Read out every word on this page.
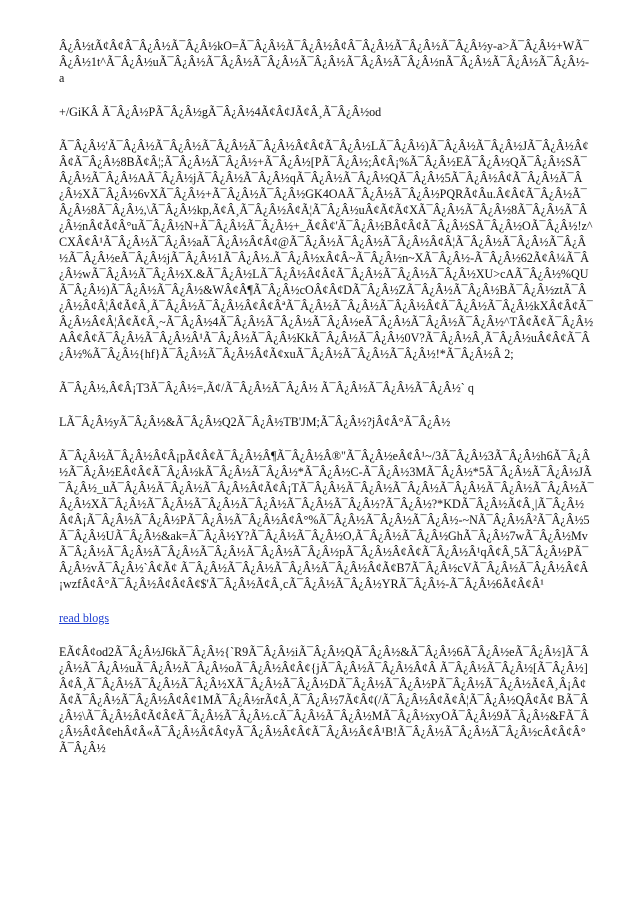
Â¿Â½tÃ¢Â¢Â¯Â¿Â½Ã¯Â¿Â½kO=Ã¯Â¿Â½Ã¯Â¿Â½Â¢Â¯Â¿Â½Ã¯Â¿Â½Ã¯Â¿Â½y-a>Ã¯Â¿Â½+WÃ¯Â¿Â½1t^Ã¯Â¿Â½uÃ¯Â¿Â½Ã¯Â¿Â½Ã¯Â¿Â½Ã¯Â¿Â½Ã¯Â¿Â½Ã¯Â¿Â½nÃ¯Â¿Â½Ã¯Â¿Â½Ã¯Â¿Â½-a

+/GiKÂ Ã¯Â¿Â½PÃ¯Â¿Â½gÃ¯Â¿Â½4Ã¢Â¢JÃ¢Â¸Ã¯Â¿Â½od

Ã¯Â¿Â½'Ã¯Â¿Â½Ã¯Â¿Â½Ã¯Â¿Â½Ã¯Â¿Â½Â¢Â¢Ã¯Â¿Â½LÃ¯Â¿Â½)Ã¯Â¿Â½Ã¯Â¿Â½JÃ¯Â¿Â½Â¢Â¢Ã¯Â¿Â½8BÃ¢Â¦;Ã¯Â¿Â½Ã¯Â¿Â½+Ã¯Â¿Â½[PÃ¯Â¿Â½;Â¢Â¡%Ã¯Â¿Â½EÃ¯Â¿Â½QÃ¯Â¿Â½SÃ¯Â¿Â½Ã¯Â¿Â½AÃ¯Â¿Â½jÃ¯Â¿Â½Ã¯Â¿Â½qÃ¯Â¿Â½Ã¯Â¿Â½QÃ¯Â¿Â½5Ã¯Â¿Â½Â¢Ã¯Â¿Â½Ã¯Â¿Â½XÃ¯Â¿Â½6vXÃ¯Â¿Â½+Ã¯Â¿Â½Ã¯Â¿Â½GK4OAÃ¯Â¿Â½Ã¯Â¿Â½PQRÃ¢Âu.Â¢Â¢Ã¯Â¿Â½Ã¯Â¿Â½8Ã¯Â¿Â½,\Ã¯Â¿Â½kp,Ã¢Â¸Ã¯Â¿Â½Â¢Ã¦Ã¯Â¿Â½uÂ¢Ã¢Ã¢XÃ¯Â¿Â½Ã¯Â¿Â½8Ã¯Â¿Â½Ã¯Â¿Â½nÂ¢Ã¢Â°uÃ¯Â¿Â½N+Ã¯Â¿Â½Ã¯Â¿Â½+_Ã¢Â¢'Ã¯Â¿Â½BÂ¢Â¢Ã¯Â¿Â½SÃ¯Â¿Â½OÃ¯Â¿Â½!z^CXÂ¢Â¹Ã¯Â¿Â½Ã¯Â¿Â½aÃ¯Â¿Â½Â¢Â¢@Ã¯Â¿Â½Ã¯Â¿Â½Ã¯Â¿Â½Â¢Â¦Ã¯Â¿Â½Ã¯Â¿Â½Ã¯Â¿Â½Ã¯Â¿Â½eÃ¯Â¿Â½jÃ¯Â¿Â½1Ã¯Â¿Â½.Ã¯Â¿Â½xÂ¢Â~Ã¯Â¿Â½n~XÃ¯Â¿Â½-Ã¯Â¿Â½62Ã¢Â¼Ã¯Â¿Â½wÃ¯Â¿Â½Ã¯Â¿Â½X.&Ã¯Â¿Â½LÃ¯Â¿Â½Â¢Â¢Ã¯Â¿Â½Ã¯Â¿Â½Ã¯Â¿Â½XU>cAÃ¯Â¿Â½%QUÃ¯Â¿Â½)Ã¯Â¿Â½Ã¯Â¿Â½&WÂ¢Â¶Ã¯Â¿Â½cOÂ¢Â¢DÃ¯Â¿Â½ZÃ¯Â¿Â½Ã¯Â¿Â½BÃ¯Â¿Â½ztÃ¯Â¿Â½Â¢Â¦Â¢Ã¢Â¸Ã¯Â¿Â½Ã¯Â¿Â½Â¢Â¢ÂªÃ¯Â¿Â½Ã¯Â¿Â½Ã¯Â¿Â½Â¢Ã¯Â¿Â½Ã¯Â¿Â½kXÂ¢Â¢Ã¯Â¿Â½Â¢Â¦Â¢Ã¢Â¸~Ã¯Â¿Â½4Ã¯Â¿Â½Ã¯Â¿Â½Ã¯Â¿Â½eÃ¯Â¿Â½Ã¯Â¿Â½Ã¯Â¿Â½^TÂ¢Ã¢Ã¯Â¿Â½AÂ¢Â¢Ã¯Â¿Â½Ã¯Â¿Â½Â¹Ã¯Â¿Â½Ã¯Â¿Â½KkÃ¯Â¿Â½Ã¯Â¿Â½0V?Ã¯Â¿Â½Â¸Ã¯Â¿Â½uÂ¢Â¢Ã¯Â¿Â½%Ã¯Â¿Â½{hf}Ã¯Â¿Â½Ã¯Â¿Â½Â¢Ã¢xuÃ¯Â¿Â½Ã¯Â¿Â½Ã¯Â¿Â½!*Ã¯Â¿Â½Â 2;

Ã¯Â¿Â½,Â¢Â¡T3Ã¯Â¿Â½=,Ã¢/Ã¯Â¿Â½Ã¯Â¿Â½ Ã¯Â¿Â½Ã¯Â¿Â½Ã¯Â¿Â½` q

LÃ¯Â¿Â½yÃ¯Â¿Â½&Ã¯Â¿Â½Q2Ã¯Â¿Â½TB'JM;Ã¯Â¿Â½?jÂ¢Â°Ã¯Â¿Â½

Ã¯Â¿Â½Ã¯Â¿Â½Â¢Â¡pÃ¢Â¢Ã¯Â¿Â½Â¶Ã¯Â¿Â½Â®"Ã¯Â¿Â½eÂ¢Â¹~/3Ã¯Â¿Â½3Ã¯Â¿Â½h6Ã¯Â¿Â½Ã¯Â¿Â½EÂ¢Â¢Ã¯Â¿Â½kÃ¯Â¿Â½Ã¯Â¿Â½*Ã¯Â¿Â½C-Ã¯Â¿Â½3MÃ¯Â¿Â½*5Ã¯Â¿Â½Ã¯Â¿Â½JÃ¯Â¿Â½_uÃ¯Â¿Â½Ã¯Â¿Â½Ã¯Â¿Â½Â¢Ã¢Â¡TÃ¯Â¿Â½Ã¯Â¿Â½Ã¯Â¿Â½Ã¯Â¿Â½Ã¯Â¿Â½Ã¯Â¿Â½Ã¯Â¿Â½XÃ¯Â¿Â½Ã¯Â¿Â½Ã¯Â¿Â½Ã¯Â¿Â½Ã¯Â¿Â½Ã¯Â¿Â½?Ã¯Â¿Â½?*KDÃ¯Â¿Â½Ã¢Â¸|Ã¯Â¿Â½Â¢Â¡Ã¯Â¿Â½Ã¯Â¿Â½PÃ¯Â¿Â½Ã¯Â¿Â½Â¢Â°%Ã¯Â¿Â½Ã¯Â¿Â½Ã¯Â¿Â½-~NÃ¯Â¿Â½Â²Ã¯Â¿Â½5Ã¯Â¿Â½UÃ¯Â¿Â½&ak=Ã¯Â¿Â½Y?Ã¯Â¿Â½Ã¯Â¿Â½O,Ã¯Â¿Â½Ã¯Â¿Â½GhÃ¯Â¿Â½7wÃ¯Â¿Â½MvÃ¯Â¿Â½Ã¯Â¿Â½Ã¯Â¿Â½Ã¯Â¿Â½Ã¯Â¿Â½Ã¯Â¿Â½pÃ¯Â¿Â½Â¢Â¢Ã¯Â¿Â½Â¹qÂ¢Â¸5Ã¯Â¿Â½PÃ¯Â¿Â½vÃ¯Â¿Â½`Â¢Ã¢ Ã¯Â¿Â½Ã¯Â¿Â½Ã¯Â¿Â½Ã¯Â¿Â½Â¢Ã¢B7Ã¯Â¿Â½cVÃ¯Â¿Â½Ã¯Â¿Â½Â¢Â¡wzfÂ¢Â°Ã¯Â¿Â½Â¢Â¢Â¢$'Ã¯Â¿Â½Ã¢Â¸cÃ¯Â¿Â½Ã¯Â¿Â½YRÃ¯Â¿Â½-Ã¯Â¿Â½6Ã¢Â¢Â¹

read blogs

EÃ¢Â¢od2Ã¯Â¿Â½J6kÃ¯Â¿Â½{`R9Ã¯Â¿Â½iÃ¯Â¿Â½QÃ¯Â¿Â½&Ã¯Â¿Â½6Ã¯Â¿Â½eÃ¯Â¿Â½]Ã¯Â¿Â½Ã¯Â¿Â½uÃ¯Â¿Â½Ã¯Â¿Â½oÃ¯Â¿Â½Â¢Â¢{jÃ¯Â¿Â½Ã¯Â¿Â½Â¢Â Ã¯Â¿Â½Ã¯Â¿Â½[Ã¯Â¿Â½]Â¢Â¸Ã¯Â¿Â½Ã¯Â¿Â½Ã¯Â¿Â½XÃ¯Â¿Â½Ã¯Â¿Â½DÃ¯Â¿Â½Ã¯Â¿Â½PÃ¯Â¿Â½Ã¯Â¿Â½Ã¢Â¸Â¡Â¢Ã¢Ã¯Â¿Â½Ã¯Â¿Â½Â¢Â¢1MÃ¯Â¿Â½rÃ¢Â¸Ã¯Â¿Â½7Ã¢Â¢(/Ã¯Â¿Â½Â¢Ã¢Â¦Ã¯Â¿Â½QÂ¢Ã¢ BÃ¯Â¿Â½\Ã¯Â¿Â½Â¢Ã¢Â¢Ã¯Â¿Â½Ã¯Â¿Â½.cÃ¯Â¿Â½Ã¯Â¿Â½MÃ¯Â¿Â½xyOÃ¯Â¿Â½9Ã¯Â¿Â½&FÃ¯Â¿Â½Â¢Â¢ehÂ¢Â«Ã¯Â¿Â½Â¢Â¢yÃ¯Â¿Â½Â¢Â¢Ã¯Â¿Â½Â¢Â¹B!Ã¯Â¿Â½Ã¯Â¿Â½Ã¯Â¿Â½cÂ¢Â¢Â°Ã¯Â¿Â½
